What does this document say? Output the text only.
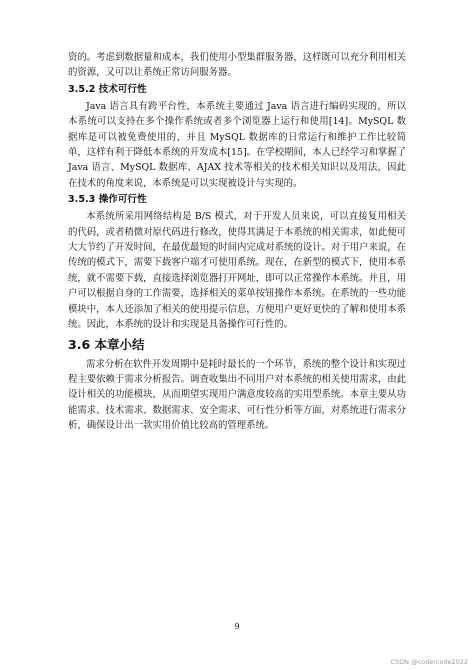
资的。考虑到数据量和成本，我们使用小型集群服务器，这样既可以充分利用相关的资源，又可以让系统正常访问服务器。

3.5.2 技术可行性

Java 语言具有跨平台性，本系统主要通过 Java 语言进行编码实现的，所以本系统可以支持在多个操作系统或者多个浏览器上运行和使用[14]。MySQL 数据库是可以被免费使用的，并且 MySQL 数据库的日常运行和维护工作比较简单，这样有利于降低本系统的开发成本[15]。在学校期间，本人已经学习和掌握了 Java 语言、MySQL 数据库、AJAX 技术等相关的技术相关知识以及用法，因此在技术的角度来说，本系统是可以实现被设计与实现的。

3.5.3 操作可行性

本系统所采用网络结构是 B/S 模式，对于开发人员来说，可以直接复用相关的代码，或者稍微对原代码进行修改，使得其满足于本系统的相关需求，如此便可大大节约了开发时间，在最优最短的时间内完成对系统的设计。对于用户来说，在传统的模式下，需要下载客户端才可使用系统。现在，在新型的模式下，使用本系统，就不需要下载，直接选择浏览器打开网址，即可以正常操作本系统。并且，用户可以根据自身的工作需要，选择相关的菜单按钮操作本系统。在系统的一些功能模块中，本人还添加了相关的使用提示信息，方便用户更好更快的了解和使用本系统。因此，本系统的设计和实现是具备操作可行性的。

3.6 本章小结

需求分析在软件开发周期中是耗时最长的一个环节，系统的整个设计和实现过程主要依赖于需求分析报告。调查收集出不同用户对本系统的相关使用需求，由此设计相关的功能模块，从而期望实现用户满意度较高的实用型系统。本章主要从功能需求、技术需求、数据需求、安全需求、可行性分析等方面，对系统进行需求分析，确保设计出一款实用价值比较高的管理系统。

9
CSDN @codercode2022
